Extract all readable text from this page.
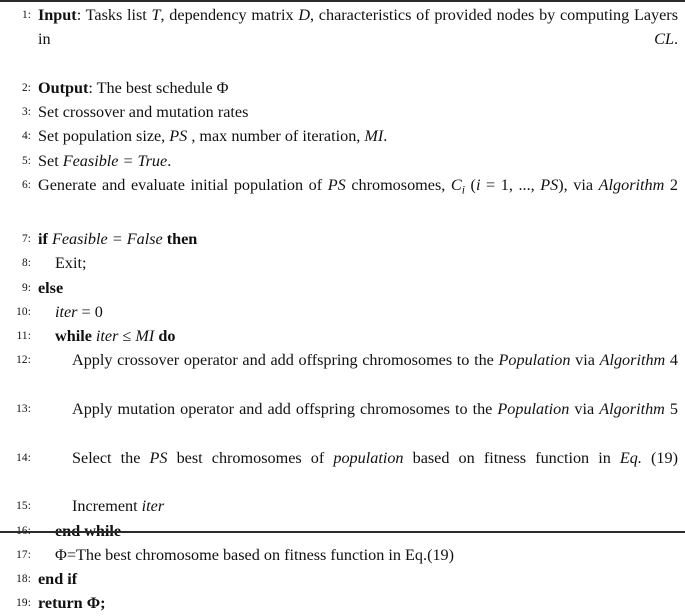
1: Input: Tasks list T, dependency matrix D, characteristics of provided nodes by computing Layers in CL.
2: Output: The best schedule Φ
3: Set crossover and mutation rates
4: Set population size, PS , max number of iteration, MI.
5: Set Feasible = True.
6: Generate and evaluate initial population of PS chromosomes, $C_i$ (i = 1, ..., PS), via Algorithm 2
7: if Feasible = False then
8: Exit;
9: else
10: iter = 0
11: while iter ≤ MI do
12:	Apply crossover operator and add offspring chromosomes to the Population via Algorithm 4
13:	Apply mutation operator and add offspring chromosomes to the Population via Algorithm 5
14:	Select the PS best chromosomes of population based on fitness function in Eq. (19)
15:	Increment iter
17: Φ=The best chromosome based on fitness function in Eq.(19)
18: end if
19: return Φ;
